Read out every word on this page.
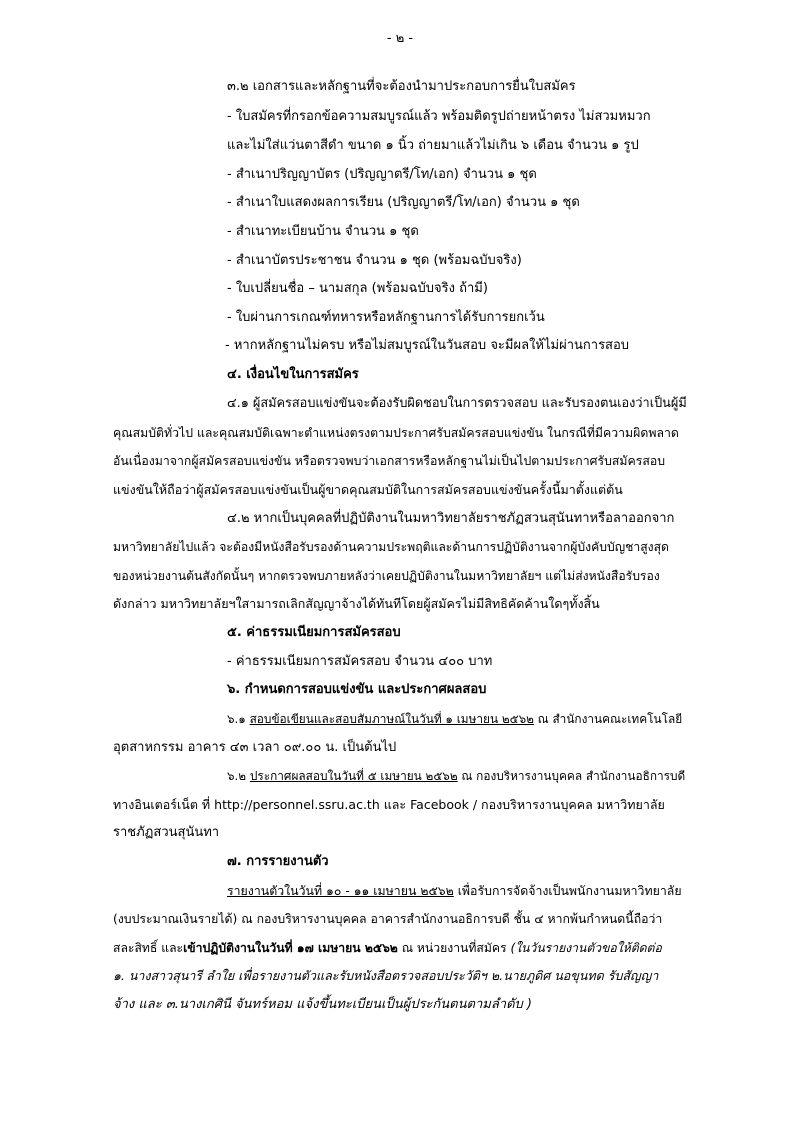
- ๒ -
๓.๒ เอกสารและหลักฐานที่จะต้องนำมาประกอบการยื่นใบสมัคร
- ใบสมัครที่กรอกข้อความสมบูรณ์แล้ว พร้อมติดรูปถ่ายหน้าตรง ไม่สวมหมวก
และไม่ใส่แว่นตาสีดำ ขนาด ๑ นิ้ว ถ่ายมาแล้วไม่เกิน ๖ เดือน จำนวน ๑ รูป
- สำเนาปริญญาบัตร (ปริญญาตรี/โท/เอก) จำนวน ๑ ชุด
- สำเนาใบแสดงผลการเรียน (ปริญญาตรี/โท/เอก) จำนวน ๑ ชุด
- สำเนาทะเบียนบ้าน จำนวน ๑ ชุด
- สำเนาบัตรประชาชน จำนวน ๑ ชุด (พร้อมฉบับจริง)
- ใบเปลี่ยนชื่อ – นามสกุล (พร้อมฉบับจริง ถ้ามี)
- ใบผ่านการเกณฑ์ทหารหรือหลักฐานการได้รับการยกเว้น
- หากหลักฐานไม่ครบ หรือไม่สมบูรณ์ในวันสอบ จะมีผลให้ไม่ผ่านการสอบ
๔. เงื่อนไขในการสมัคร
๔.๑ ผู้สมัครสอบแข่งขันจะต้องรับผิดชอบในการตรวจสอบ และรับรองตนเองว่าเป็นผู้มี
คุณสมบัติทั่วไป และคุณสมบัติเฉพาะตำแหน่งตรงตามประกาศรับสมัครสอบแข่งขัน ในกรณีที่มีความผิดพลาด
อันเนื่องมาจากผู้สมัครสอบแข่งขัน หรือตรวจพบว่าเอกสารหรือหลักฐานไม่เป็นไปตามประกาศรับสมัครสอบ
แข่งขันให้ถือว่าผู้สมัครสอบแข่งขันเป็นผู้ขาดคุณสมบัติในการสมัครสอบแข่งขันครั้งนี้มาตั้งแต่ต้น
๔.๒ หากเป็นบุคคลที่ปฏิบัติงานในมหาวิทยาลัยราชภัฏสวนสุนันทาหรือลาออกจาก
มหาวิทยาลัยไปแล้ว จะต้องมีหนังสือรับรองด้านความประพฤติและด้านการปฏิบัติงานจากผู้บังคับบัญชาสูงสุด
ของหน่วยงานต้นสังกัดนั้นๆ หากตรวจพบภายหลังว่าเคยปฏิบัติงานในมหาวิทยาลัยฯ แต่ไม่ส่งหนังสือรับรอง
ดังกล่าว มหาวิทยาลัยฯใสามารถเลิกสัญญาจ้างได้ทันทีโดยผู้สมัครไม่มีสิทธิคัดค้านใดๆทั้งสิ้น
๕. ค่าธรรมเนียมการสมัครสอบ
- ค่าธรรมเนียมการสมัครสอบ จำนวน ๔๐๐ บาท
๖. กำหนดการสอบแข่งขัน และประกาศผลสอบ
๖.๑ สอบข้อเขียนและสอบสัมภาษณ์ในวันที่ ๑ เมษายน ๒๕๖๒ ณ สำนักงานคณะเทคโนโลยี
อุตสาหกรรม อาคาร ๔๓ เวลา ๐๙.๐๐ น. เป็นต้นไป
๖.๒ ประกาศผลสอบในวันที่ ๕ เมษายน ๒๕๖๒ ณ กองบริหารงานบุคคล สำนักงานอธิการบดี
ทางอินเตอร์เน็ต ที่ http://personnel.ssru.ac.th และ Facebook / กองบริหารงานบุคคล มหาวิทยาลัย
ราชภัฏสวนสุนันทา
๗. การรายงานตัว
รายงานตัวในวันที่ ๑๐ - ๑๑ เมษายน ๒๕๖๒ เพื่อรับการจัดจ้างเป็นพนักงานมหาวิทยาลัย
(งบประมาณเงินรายได้) ณ กองบริหารงานบุคคล อาคารสำนักงานอธิการบดี ชั้น ๔ หากพ้นกำหนดนี้ถือว่า
สละสิทธิ์ และเข้าปฏิบัติงานในวันที่ ๑๗ เมษายน ๒๕๖๒ ณ หน่วยงานที่สมัคร (ในวันรายงานตัวขอให้ติดต่อ
๑. นางสาวสุนารี ลำใย เพื่อรายงานตัวและรับหนังสือตรวจสอบประวัติฯ ๒.นายภูดิศ นอขุนทด รับสัญญา
จ้าง และ ๓.นางเกศินี จันทร์หอม แจ้งขึ้นทะเบียนเป็นผู้ประกันตนตามลำดับ )
